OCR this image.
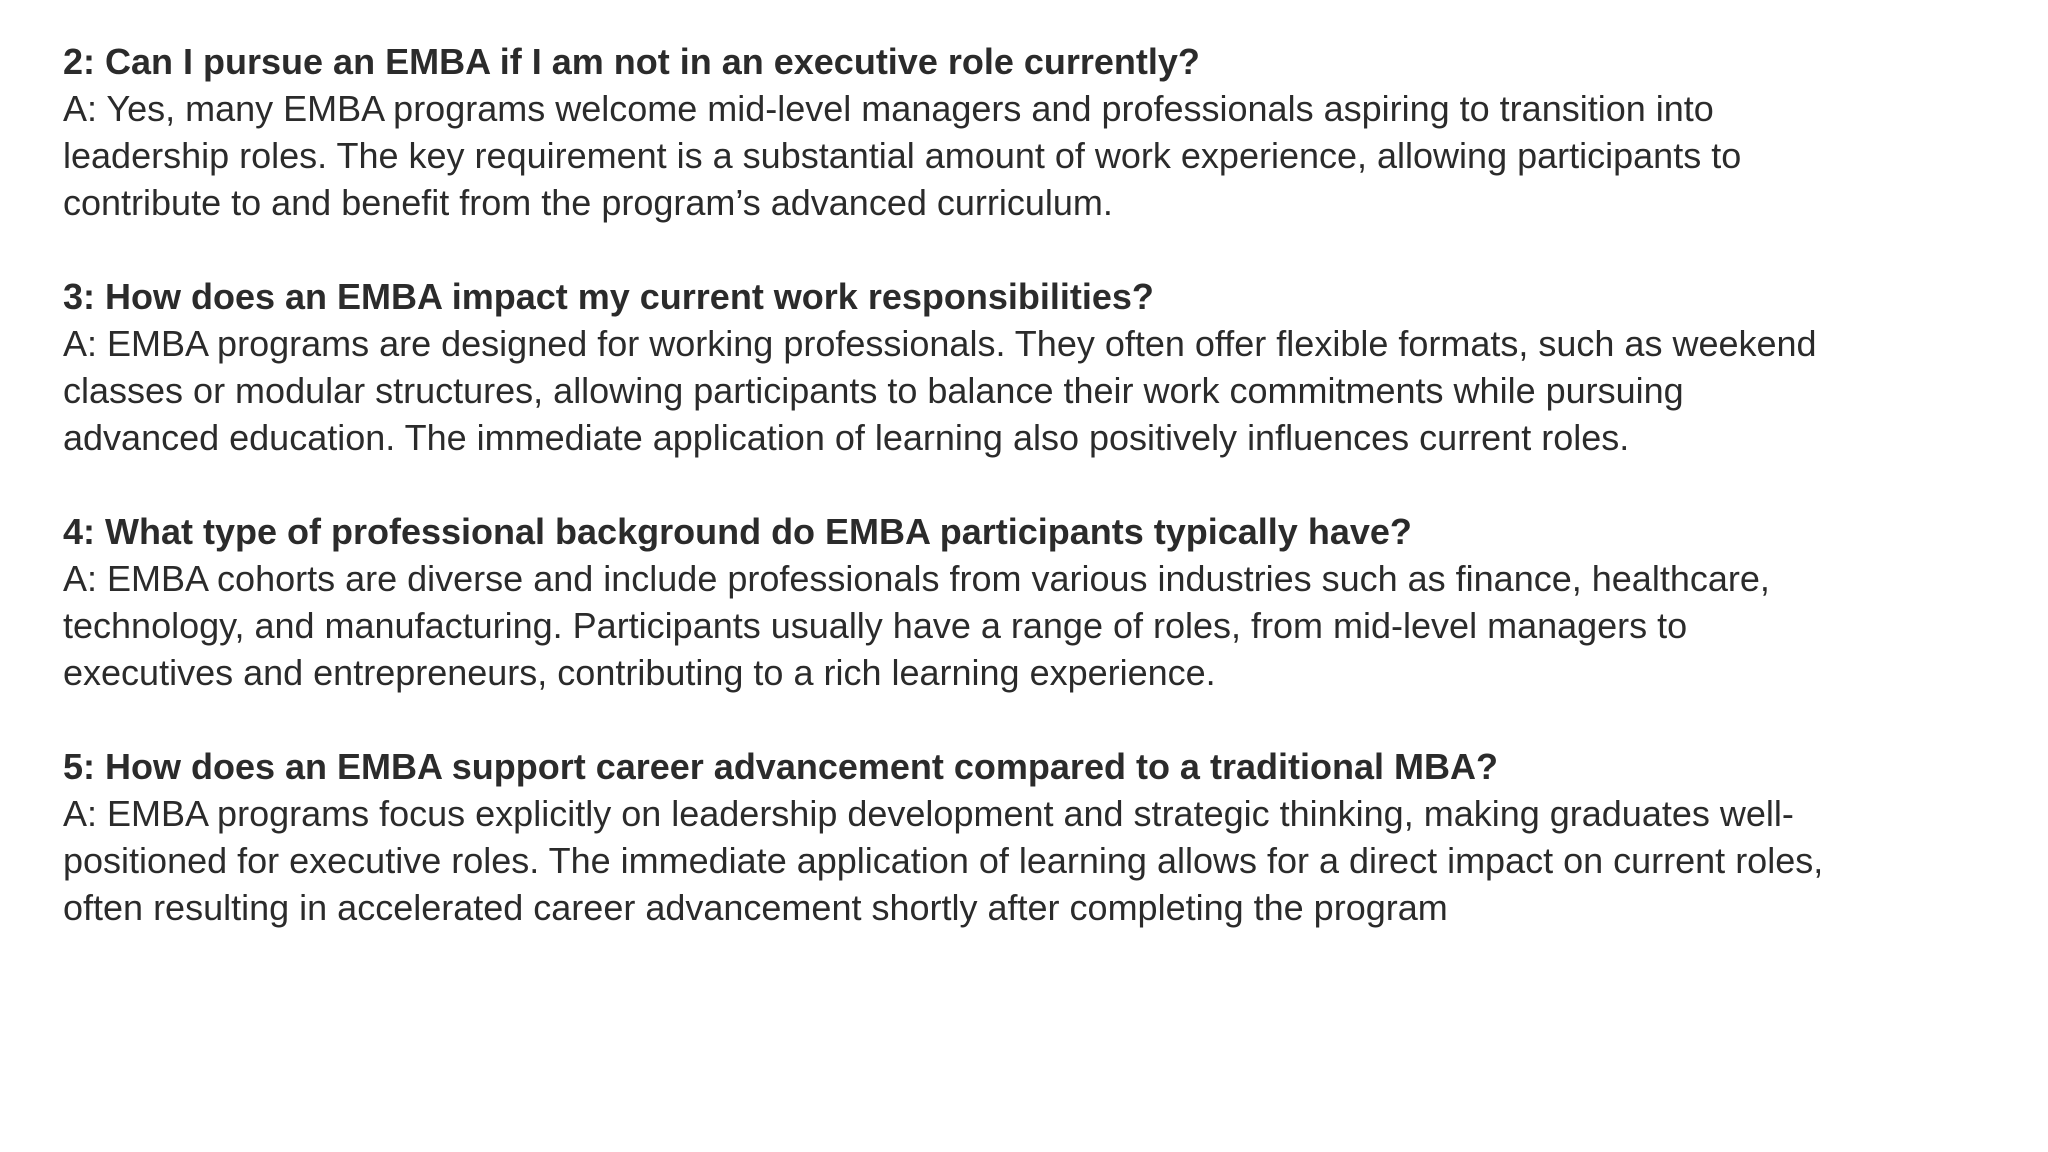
2: Can I pursue an EMBA if I am not in an executive role currently?

A: Yes, many EMBA programs welcome mid-level managers and professionals aspiring to transition into
leadership roles. The key requirement is a substantial amount of work experience, allowing participants to
contribute to and benefit from the program’s advanced curriculum.

3: How does an EMBA impact my current work responsibilities?

A: EMBA programs are designed for working professionals. They often offer flexible formats, such as weekend
classes or modular structures, allowing participants to balance their work commitments while pursuing
advanced education. The immediate application of learning also positively influences current roles.

4: What type of professional background do EMBA participants typically have?

A: EMBA cohorts are diverse and include professionals from various industries such as finance, healthcare,
technology, and manufacturing. Participants usually have a range of roles, from mid-level managers to
executives and entrepreneurs, contributing to a rich learning experience.

5: How does an EMBA support career advancement compared to a traditional MBA?

A: EMBA programs focus explicitly on leadership development and strategic thinking, making graduates well-
positioned for executive roles. The immediate application of learning allows for a direct impact on current roles,
often resulting in accelerated career advancement shortly after completing the program
